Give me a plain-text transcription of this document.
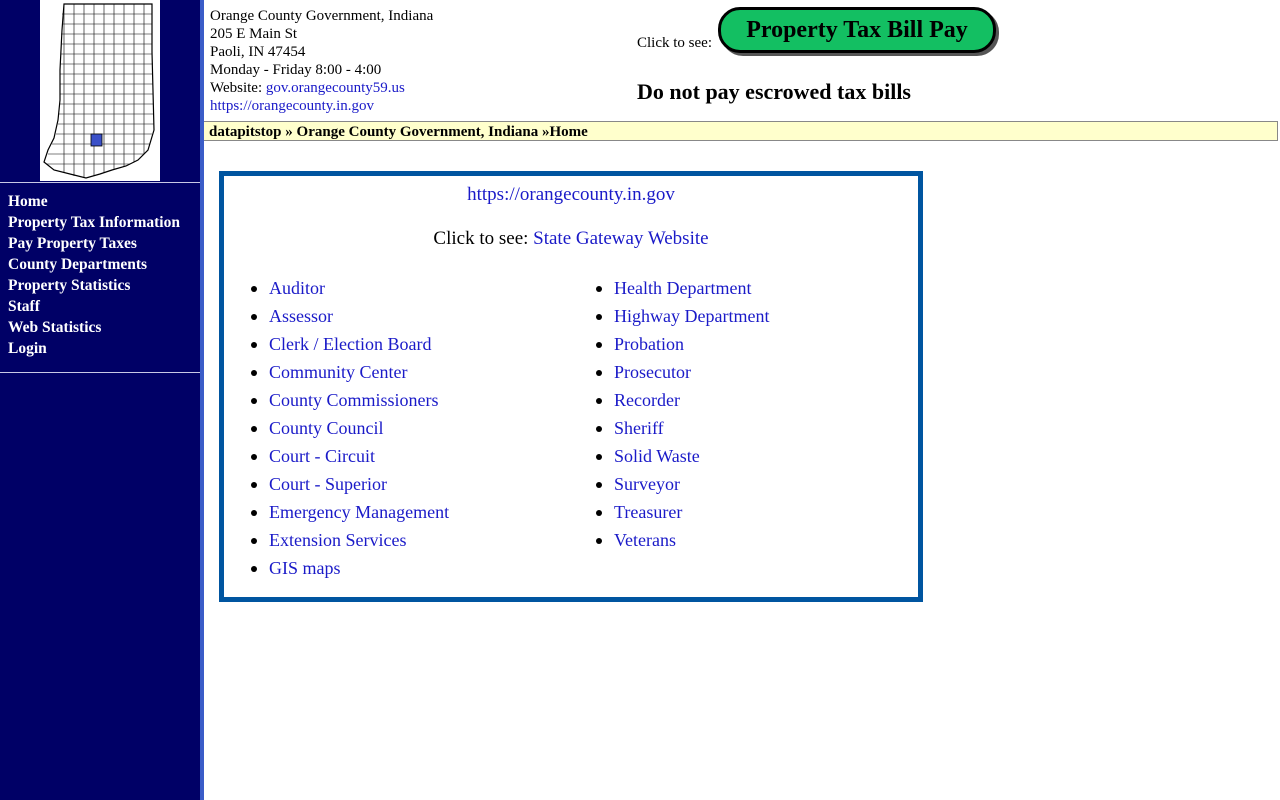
Home
Property Tax Information
Pay Property Taxes
County Departments
Property Statistics
Staff
Web Statistics
Login
Orange County Government, Indiana
205 E Main St
Paoli, IN 47454
Monday - Friday 8:00 - 4:00
Website: gov.orangecounty59.us
https://orangecounty.in.gov
Click to see:	Property Tax Bill Pay
Do not pay escrowed tax bills
datapitstop » Orange County Government, Indiana »Home
https://orangecounty.in.gov
Click to see: State Gateway Website
Auditor
Assessor
Clerk / Election Board
Community Center
County Commissioners
County Council
Court - Circuit
Court - Superior
Emergency Management
Extension Services
GIS maps
Health Department
Highway Department
Probation
Prosecutor
Recorder
Sheriff
Solid Waste
Surveyor
Treasurer
Veterans
